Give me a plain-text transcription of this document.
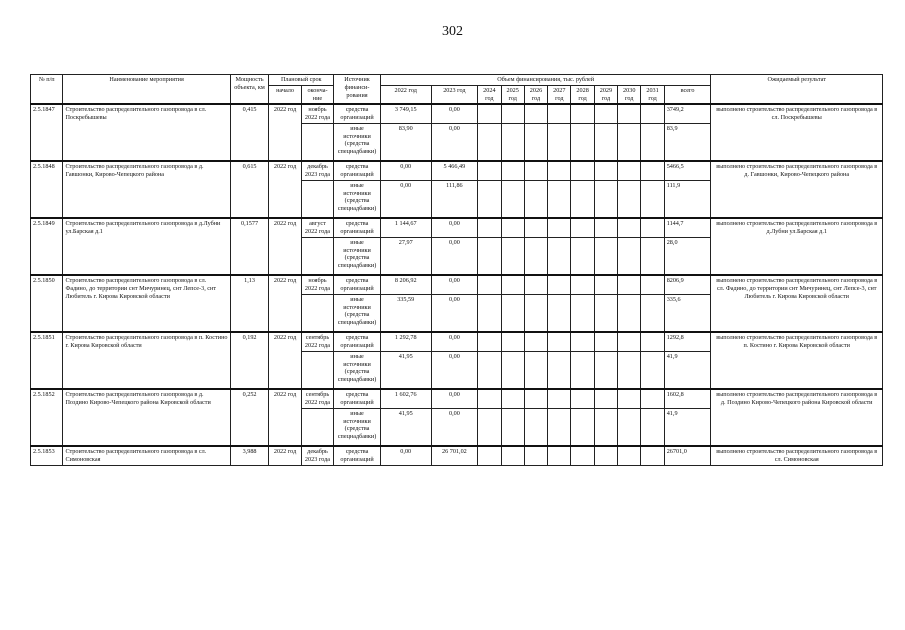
302
№ п/п	Наименование мероприятия	Мощность объекта, км	Плановый срок		Источник финанси-рования	Объем финансирования, тыс. рублей											Ожидаемый результат
			начало	оконча-ние		2022 год	2023 год	2024 год	2025 год	2026 год	2027 год	2028 год	2029 год	2030 год	2031 год	всего	
2.5.1847	Строительство распределительного газопровода в сл. Поскребышевы	0,415	2022 год	ноябрь 2022 года	средства организаций	3 749,15	0,00									3749,2	выполнено строительство распределительного газопровода в сл. Поскребышевы
					иные источники (средства спецнадбавки)	83,90	0,00									83,9	
2.5.1848	Строительство распределительного газопровода в д. Гавшонки, Кирово-Чепецкого района	0,615	2022 год	декабрь 2023 года	средства организаций	0,00	5 466,49									5466,5	выполнено строительство распределительного газопровода в д. Гавшонки, Кирово-Чепецкого района
					иные источники (средства спецнадбавки)	0,00	111,86									111,9	
2.5.1849	Строительство распределительного газопровода в д.Лубни ул.Барская д.1	0,1577	2022 год	август 2022 года	средства организаций	1 144,67	0,00									1144,7	выполнено строительство распределительного газопровода в д.Лубни ул.Барская д.1
					иные источники (средства спецнадбавки)	27,97	0,00									28,0	
2.5.1850	Строительство распределительного газопровода в сл. Фадино, до территории снт Мичуринец, снт Лепсе-3, снт Любитель г. Кирова Кировской области	1,13	2022 год	ноябрь 2022 года	средства организаций	8 206,92	0,00									8206,9	выполнено строительство распределительного газопровода в сл. Фадино, до территории снт Мичуринец, снт Лепсе-3, снт Любитель г. Кирова Кировской области
					иные источники (средства спецнадбавки)	335,59	0,00									335,6	
2.5.1851	Строительство распределительного газопровода в п. Костино г. Кирова Кировской области	0,192	2022 год	сентябрь 2022 года	средства организаций	1 292,78	0,00									1292,8	выполнено строительство распределительного газопровода в п. Костино г. Кирова Кировской области
					иные источники (средства спецнадбавки)	41,95	0,00									41,9	
2.5.1852	Строительство распределительного газопровода в д. Поздино Кирово-Чепецкого района Кировской области	0,252	2022 год	сентябрь 2022 года	средства организаций	1 602,76	0,00									1602,8	выполнено строительство распределительного газопровода в д. Поздино Кирово-Чепецкого района Кировской области
					иные источники (средства спецнадбавки)	41,95	0,00									41,9	
2.5.1853	Строительство распределительного газопровода в сл. Симоновская	3,988	2022 год	декабрь 2023 года	средства организаций	0,00	26 701,02									26701,0	выполнено строительство распределительного газопровода в сл. Симоновская
